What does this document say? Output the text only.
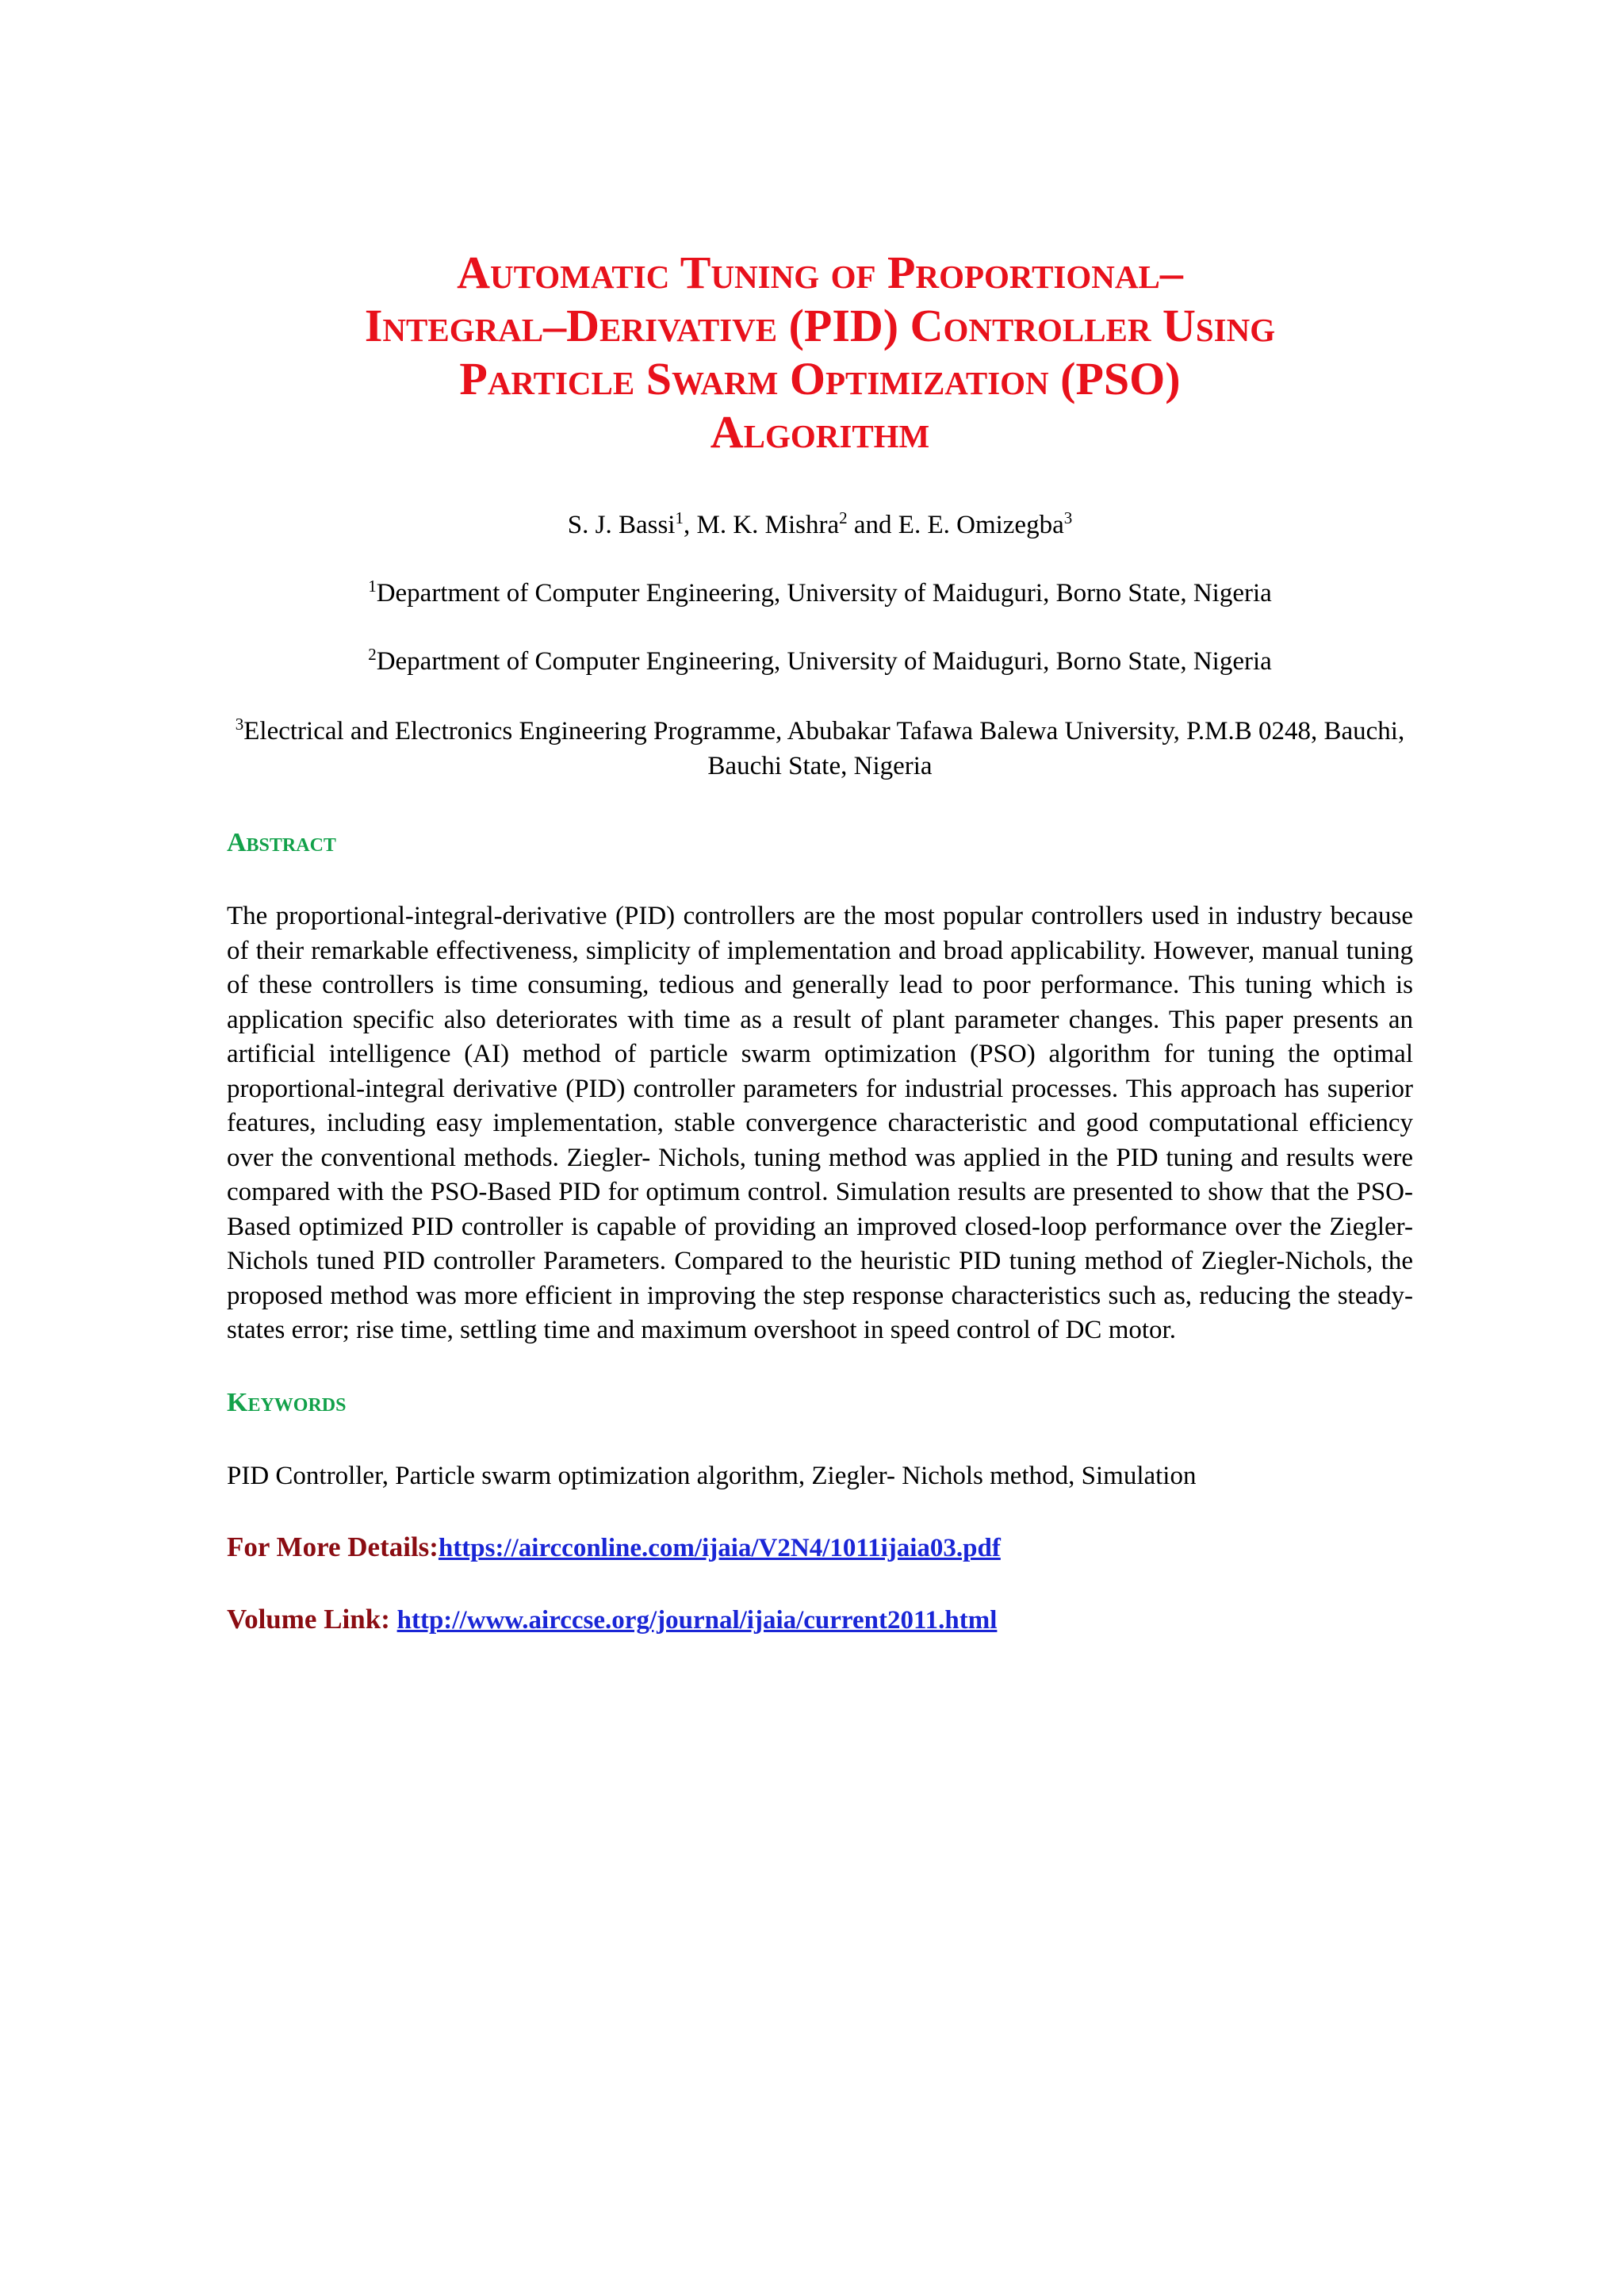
Automatic Tuning of Proportional–
Integral–Derivative (PID) Controller Using
Particle Swarm Optimization (PSO)
Algorithm
S. J. Bassi$^1$, M. K. Mishra$^2$ and E. E. Omizegba$^3$
$^1$Department of Computer Engineering, University of Maiduguri, Borno State, Nigeria
$^2$Department of Computer Engineering, University of Maiduguri, Borno State, Nigeria
$^3$Electrical and Electronics Engineering Programme, Abubakar Tafawa Balewa University, P.M.B 0248, Bauchi, Bauchi State, Nigeria
Abstract

The proportional-integral-derivative (PID) controllers are the most popular controllers used in industry because of their remarkable effectiveness, simplicity of implementation and broad applicability. However, manual tuning of these controllers is time consuming, tedious and generally lead to poor performance. This tuning which is application specific also deteriorates with time as a result of plant parameter changes. This paper presents an artificial intelligence (AI) method of particle swarm optimization (PSO) algorithm for tuning the optimal proportional-integral derivative (PID) controller parameters for industrial processes. This approach has superior features, including easy implementation, stable convergence characteristic and good computational efficiency over the conventional methods. Ziegler- Nichols, tuning method was applied in the PID tuning and results were compared with the PSO-Based PID for optimum control. Simulation results are presented to show that the PSO-Based optimized PID controller is capable of providing an improved closed-loop performance over the Ziegler- Nichols tuned PID controller Parameters. Compared to the heuristic PID tuning method of Ziegler-Nichols, the proposed method was more efficient in improving the step response characteristics such as, reducing the steady-states error; rise time, settling time and maximum overshoot in speed control of DC motor.

Keywords

PID Controller, Particle swarm optimization algorithm, Ziegler- Nichols method, Simulation

For More Details:https://aircconline.com/ijaia/V2N4/1011ijaia03.pdf
Volume Link: http://www.airccse.org/journal/ijaia/current2011.html
